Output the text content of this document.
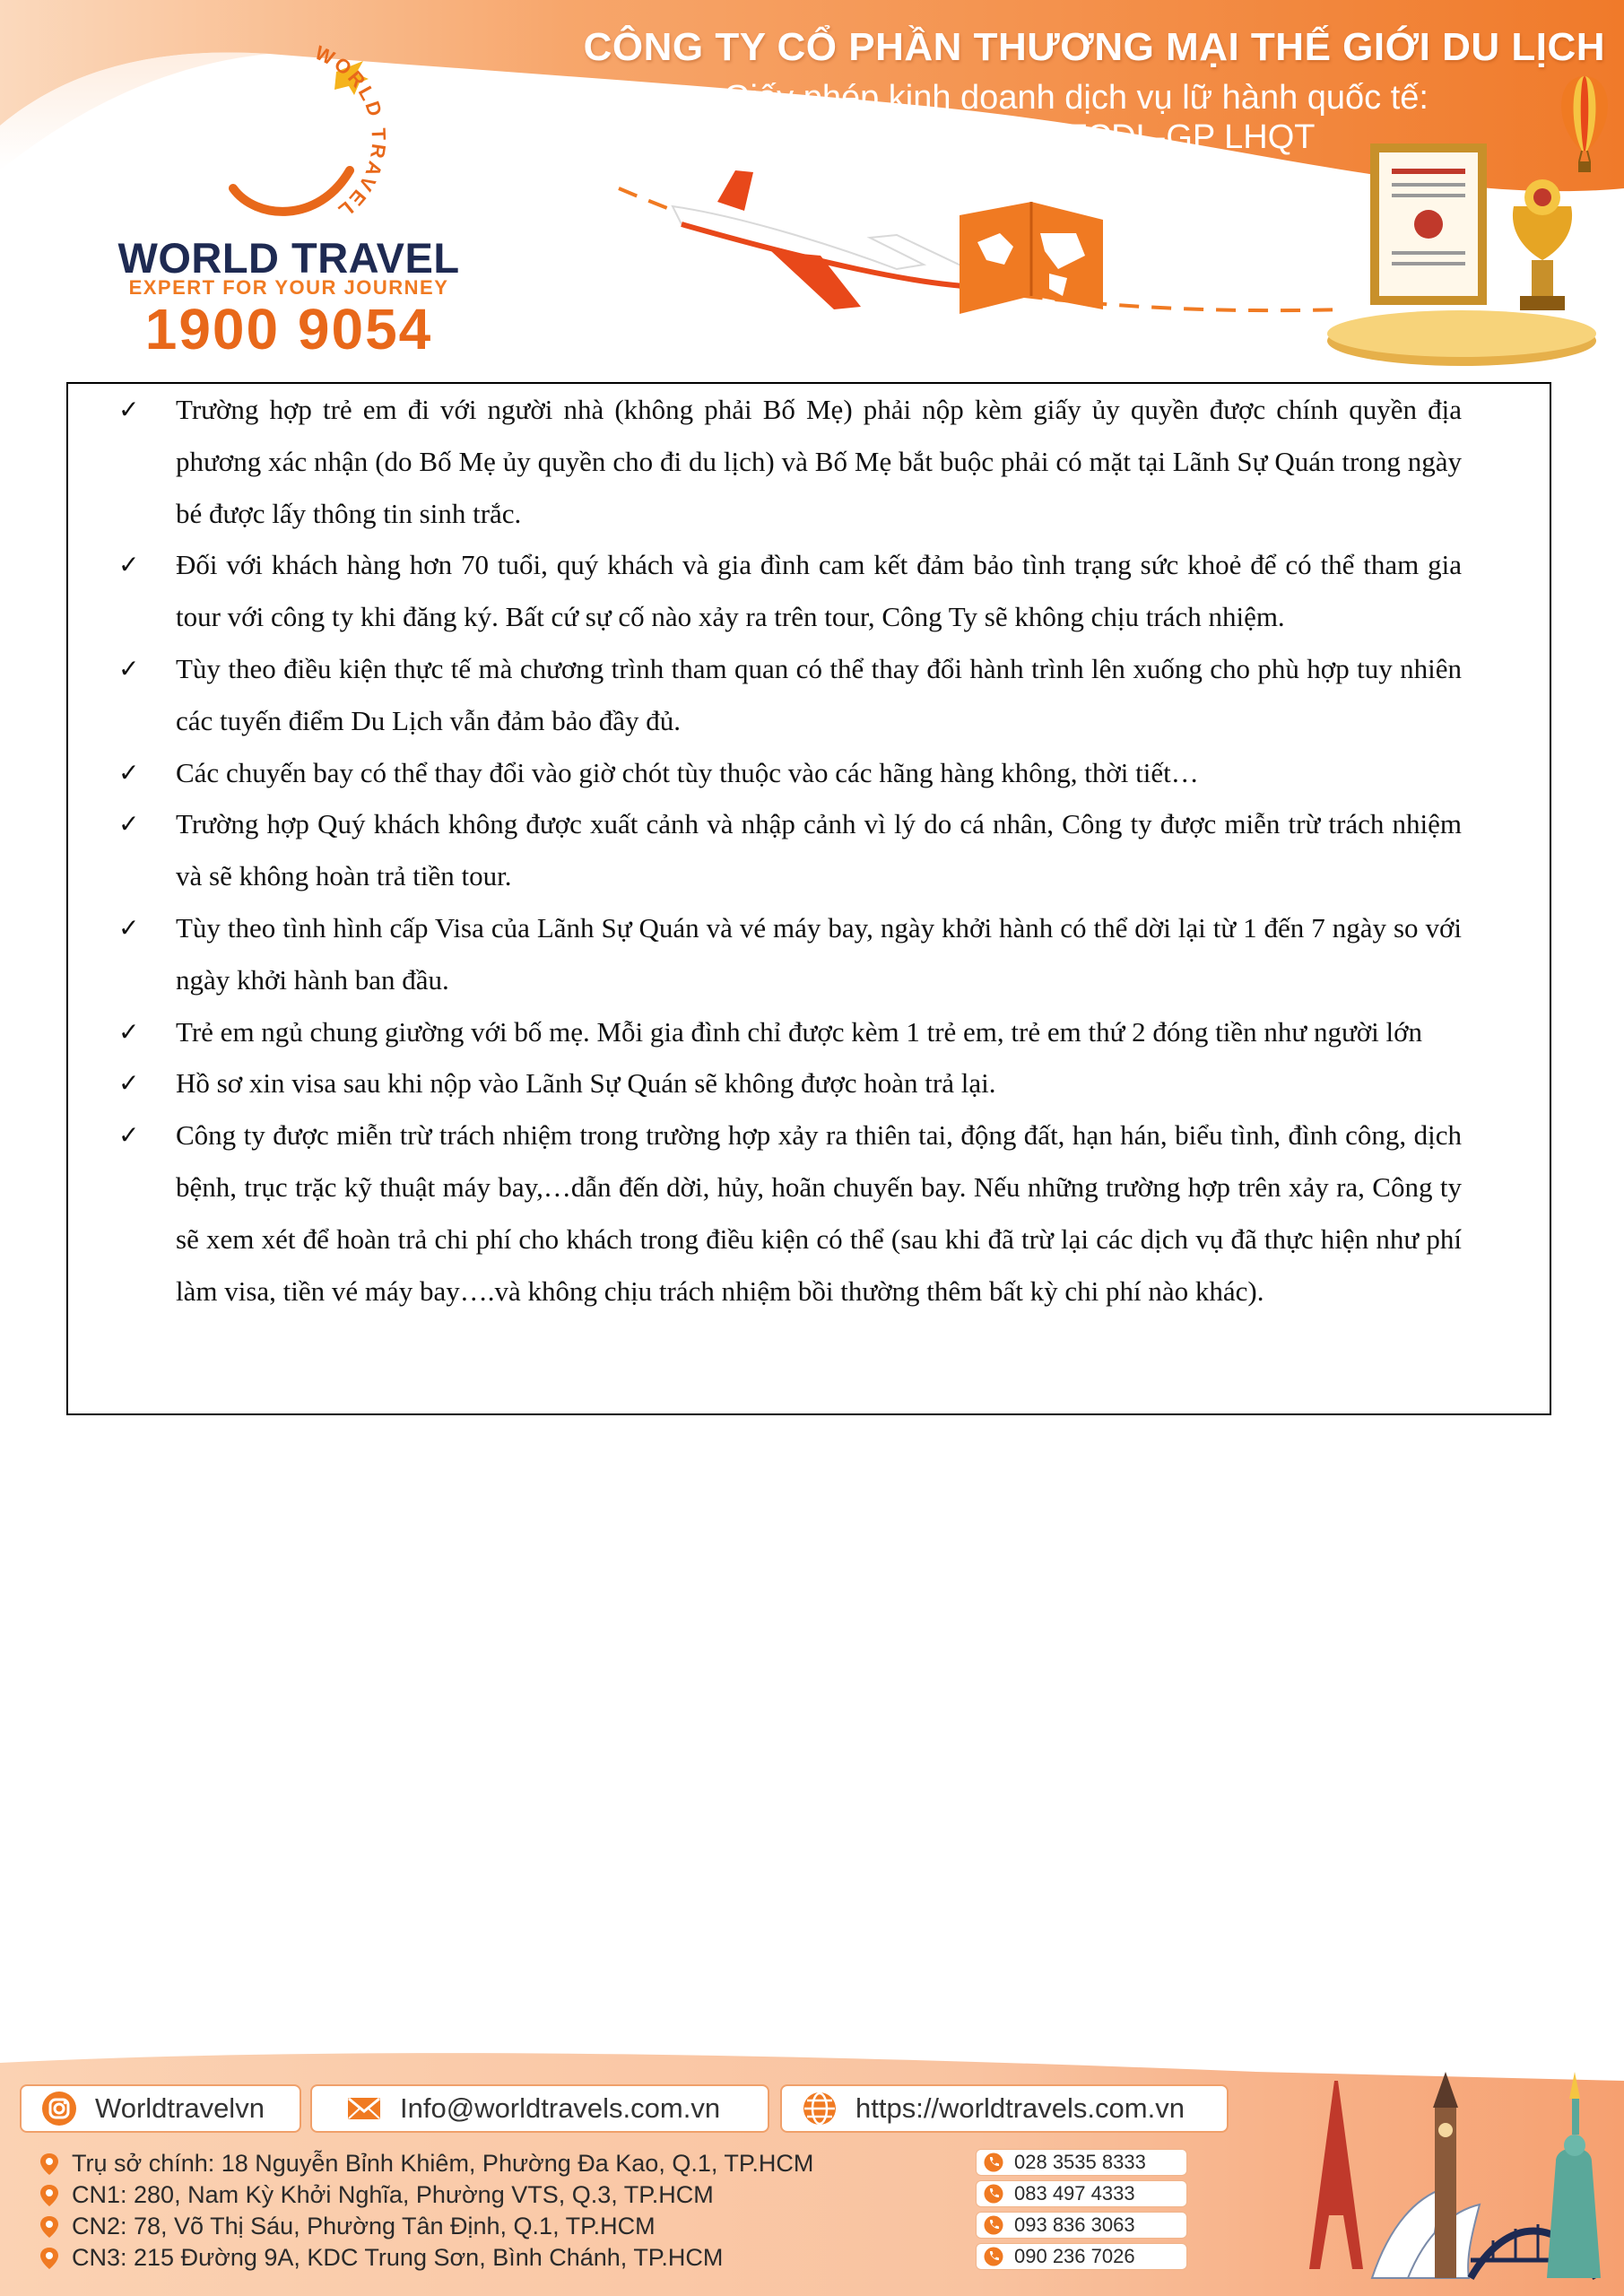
WORLD TRAVEL
WORLD TRAVEL
EXPERT FOR YOUR JOURNEY
1900 9054
CÔNG TY CỔ PHẦN THƯƠNG MẠI THẾ GIỚI DU LỊCH
Giấy phép kinh doanh dịch vụ lữ hành quốc tế:
79-1347/2022/ TCDL-GP LHQT
✓ Trường hợp trẻ em đi với người nhà (không phải Bố Mẹ) phải nộp kèm giấy ủy quyền được chính quyền địa phương xác nhận (do Bố Mẹ ủy quyền cho đi du lịch) và Bố Mẹ bắt buộc phải có mặt tại Lãnh Sự Quán trong ngày bé được lấy thông tin sinh trắc.
✓ Đối với khách hàng hơn 70 tuổi, quý khách và gia đình cam kết đảm bảo tình trạng sức khoẻ để có thể tham gia tour với công ty khi đăng ký. Bất cứ sự cố nào xảy ra trên tour, Công Ty sẽ không chịu trách nhiệm.
✓ Tùy theo điều kiện thực tế mà chương trình tham quan có thể thay đổi hành trình lên xuống cho phù hợp tuy nhiên các tuyến điểm Du Lịch vẫn đảm bảo đầy đủ.
✓ Các chuyến bay có thể thay đổi vào giờ chót tùy thuộc vào các hãng hàng không, thời tiết…
✓ Trường hợp Quý khách không được xuất cảnh và nhập cảnh vì lý do cá nhân, Công ty được miễn trừ trách nhiệm và sẽ không hoàn trả tiền tour.
✓ Tùy theo tình hình cấp Visa của Lãnh Sự Quán và vé máy bay, ngày khởi hành có thể dời lại từ 1 đến 7 ngày so với ngày khởi hành ban đầu.
✓ Trẻ em ngủ chung giường với bố mẹ. Mỗi gia đình chỉ được kèm 1 trẻ em, trẻ em thứ 2 đóng tiền như người lớn
✓ Hồ sơ xin visa sau khi nộp vào Lãnh Sự Quán sẽ không được hoàn trả lại.
✓ Công ty được miễn trừ trách nhiệm trong trường hợp xảy ra thiên tai, động đất, hạn hán, biểu tình, đình công, dịch bệnh, trục trặc kỹ thuật máy bay,…dẫn đến dời, hủy, hoãn chuyến bay. Nếu những trường hợp trên xảy ra, Công ty sẽ xem xét để hoàn trả chi phí cho khách trong điều kiện có thể (sau khi đã trừ lại các dịch vụ đã thực hiện như phí làm visa, tiền vé máy bay….và không chịu trách nhiệm bồi thường thêm bất kỳ chi phí nào khác).
Worldtravelvn	Info@worldtravels.com.vn	https://worldtravels.com.vn
Trụ sở chính: 18 Nguyễn Bỉnh Khiêm, Phường Đa Kao, Q.1, TP.HCM
CN1: 280, Nam Kỳ Khởi Nghĩa, Phường VTS, Q.3, TP.HCM
CN2: 78, Võ Thị Sáu, Phường Tân Định, Q.1, TP.HCM
CN3: 215 Đường 9A, KDC Trung Sơn, Bình Chánh, TP.HCM
028 3535 8333
083 497 4333
093 836 3063
090 236 7026
